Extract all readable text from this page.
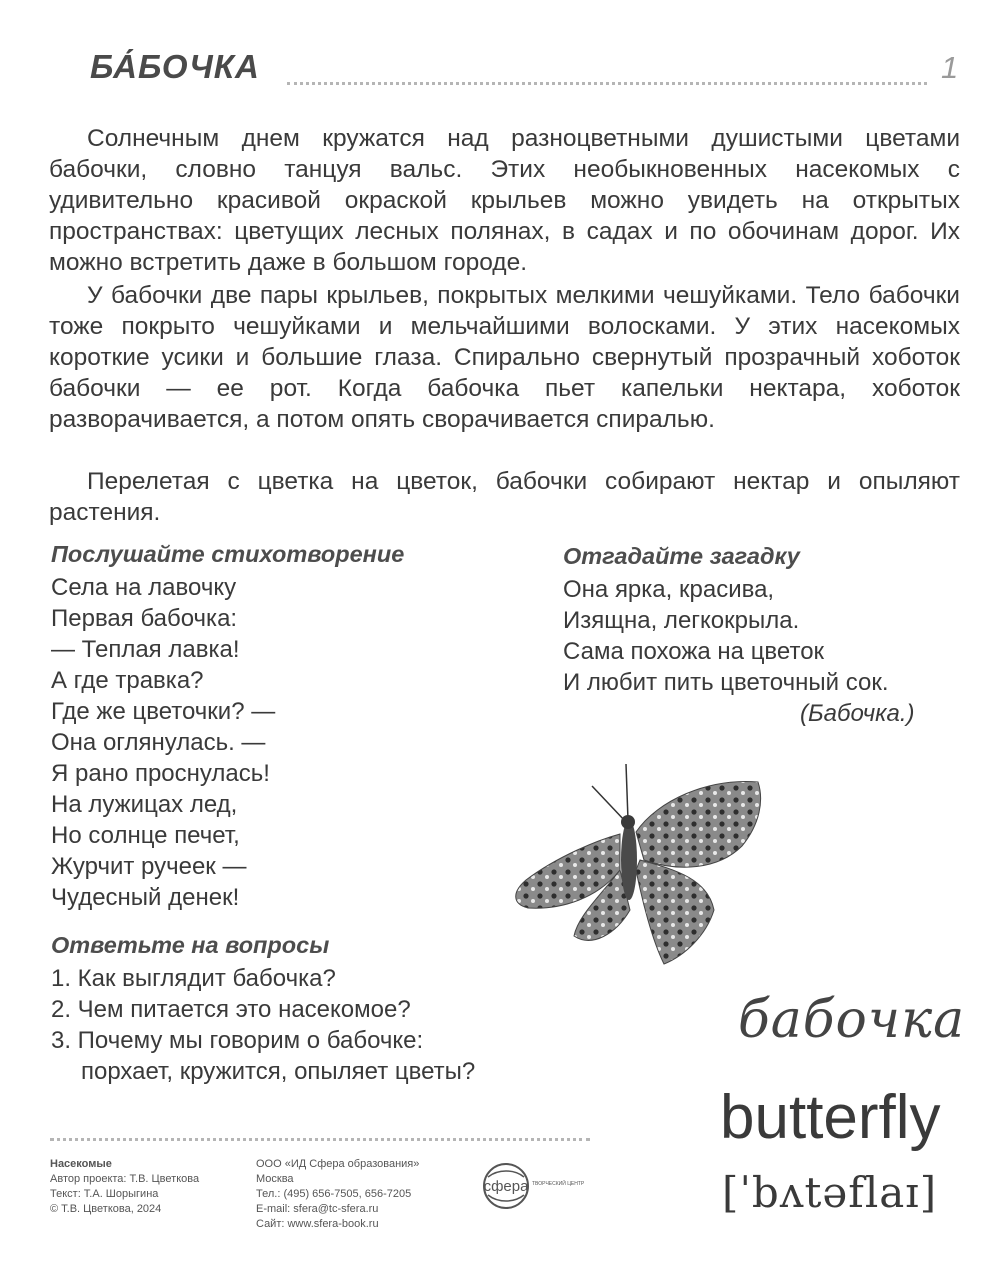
БА́БОЧКА	1
Солнечным днем кружатся над разноцветными душистыми цветами бабочки, словно танцуя вальс. Этих необыкновенных насекомых с удивительно красивой окраской крыльев можно увидеть на открытых пространствах: цветущих лесных полянах, в садах и по обочинам дорог. Их можно встретить даже в большом городе.
У бабочки две пары крыльев, покрытых мелкими чешуйками. Тело бабочки тоже покрыто чешуйками и мельчайшими волосками. У этих насекомых короткие усики и большие глаза. Спирально свернутый прозрачный хоботок бабочки — ее рот. Когда бабочка пьет капельки нектара, хоботок разворачивается, а потом опять сворачивается спиралью.
Перелетая с цветка на цветок, бабочки собирают нектар и опыляют растения.
Послушайте стихотворение
Села на лавочку
Первая бабочка:
— Теплая лавка!
А где травка?
Где же цветочки? —
Она оглянулась. —
Я рано проснулась!
На лужицах лед,
Но солнце печет,
Журчит ручеек —
Чудесный денек!
Отгадайте загадку
Она ярка, красива,
Изящна, легкокрыла.
Сама похожа на цветок
И любит пить цветочный сок.
(Бабочка.)
Ответьте на вопросы
1. Как выглядит бабочка?
2. Чем питается это насекомое?
3. Почему мы говорим о бабочке:
порхает, кружится, опыляет цветы?
бабочка
butterfly
[ˈbʌtəflaɪ]
Насекомые
Автор проекта: Т.В. Цветкова
Текст: Т.А. Шорыгина
© Т.В. Цветкова, 2024
ООО «ИД Сфера образования»
Москва
Тел.: (495) 656-7505, 656-7205
E-mail: sfera@tc-sfera.ru
Сайт: www.sfera-book.ru
сфера ТВОРЧЕСКИЙ ЦЕНТР
